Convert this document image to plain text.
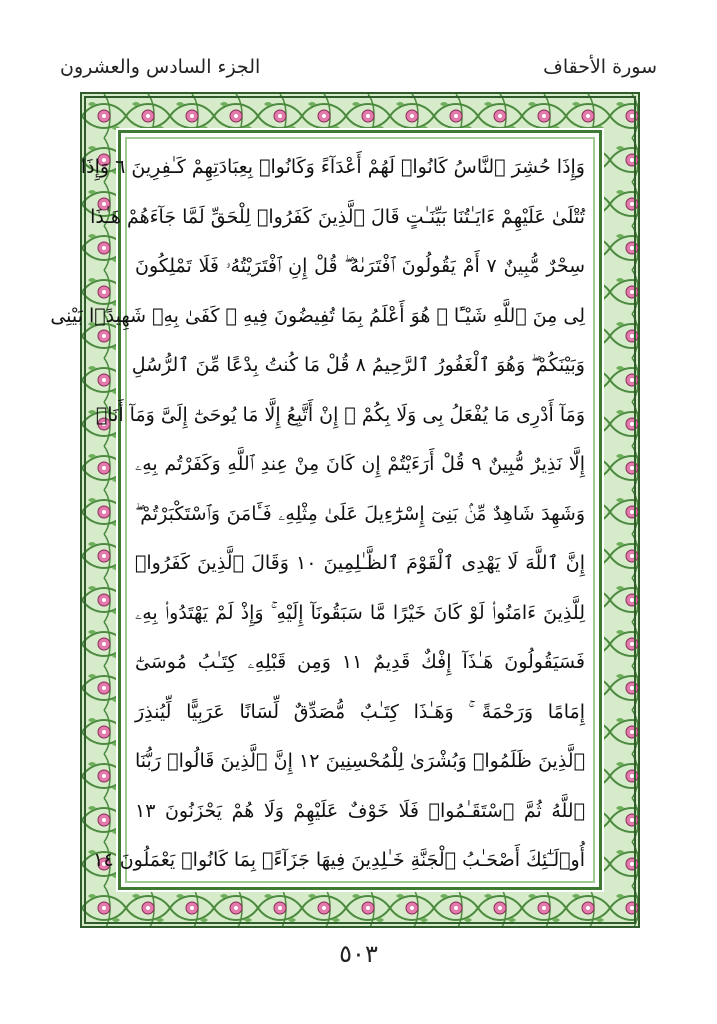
الجزء السادس والعشرون	سورة الأحقاف
وَإِذَا حُشِرَ ٱلنَّاسُ كَانُوا۟ لَهُمْ أَعْدَآءً وَكَانُوا۟ بِعِبَادَتِهِمْ كَـٰفِرِينَ ٦ وَإِذَا
تُتْلَىٰ عَلَيْهِمْ ءَايَـٰتُنَا بَيِّنَـٰتٍ قَالَ ٱلَّذِينَ كَفَرُوا۟ لِلْحَقِّ لَمَّا جَآءَهُمْ هَـٰذَا
سِحْرٌ مُّبِينٌ ٧ أَمْ يَقُولُونَ ٱفْتَرَىٰهُ ۖ قُلْ إِنِ ٱفْتَرَيْتُهُۥ فَلَا تَمْلِكُونَ
لِى مِنَ ٱللَّهِ شَيْـًٔا ۖ هُوَ أَعْلَمُ بِمَا تُفِيضُونَ فِيهِ ۖ كَفَىٰ بِهِۦ شَهِيدًۢا بَيْنِى
وَبَيْنَكُمْ ۖ وَهُوَ ٱلْغَفُورُ ٱلرَّحِيمُ ٨ قُلْ مَا كُنتُ بِدْعًا مِّنَ ٱلرُّسُلِ
وَمَآ أَدْرِى مَا يُفْعَلُ بِى وَلَا بِكُمْ ۖ إِنْ أَتَّبِعُ إِلَّا مَا يُوحَىٰٓ إِلَىَّ وَمَآ أَنَا۠
إِلَّا نَذِيرٌ مُّبِينٌ ٩ قُلْ أَرَءَيْتُمْ إِن كَانَ مِنْ عِندِ ٱللَّهِ وَكَفَرْتُم بِهِۦ
وَشَهِدَ شَاهِدٌ مِّنۢ بَنِىٓ إِسْرَٰٓءِيلَ عَلَىٰ مِثْلِهِۦ فَـَٔامَنَ وَٱسْتَكْبَرْتُمْ ۖ
إِنَّ ٱللَّهَ لَا يَهْدِى ٱلْقَوْمَ ٱلظَّـٰلِمِينَ ١٠ وَقَالَ ٱلَّذِينَ كَفَرُوا۟
لِلَّذِينَ ءَامَنُوا۟ لَوْ كَانَ خَيْرًا مَّا سَبَقُونَآ إِلَيْهِ ۚ وَإِذْ لَمْ يَهْتَدُوا۟ بِهِۦ
فَسَيَقُولُونَ هَـٰذَآ إِفْكٌ قَدِيمٌ ١١ وَمِن قَبْلِهِۦ كِتَـٰبُ مُوسَىٰٓ
إِمَامًا وَرَحْمَةً ۚ وَهَـٰذَا كِتَـٰبٌ مُّصَدِّقٌ لِّسَانًا عَرَبِيًّا لِّيُنذِرَ
ٱلَّذِينَ ظَلَمُوا۟ وَبُشْرَىٰ لِلْمُحْسِنِينَ ١٢ إِنَّ ٱلَّذِينَ قَالُوا۟ رَبُّنَا
ٱللَّهُ ثُمَّ ٱسْتَقَـٰمُوا۟ فَلَا خَوْفٌ عَلَيْهِمْ وَلَا هُمْ يَحْزَنُونَ ١٣
أُو۟لَـٰٓئِكَ أَصْحَـٰبُ ٱلْجَنَّةِ خَـٰلِدِينَ فِيهَا جَزَآءًۢ بِمَا كَانُوا۟ يَعْمَلُونَ ١٤
٥٠٣
